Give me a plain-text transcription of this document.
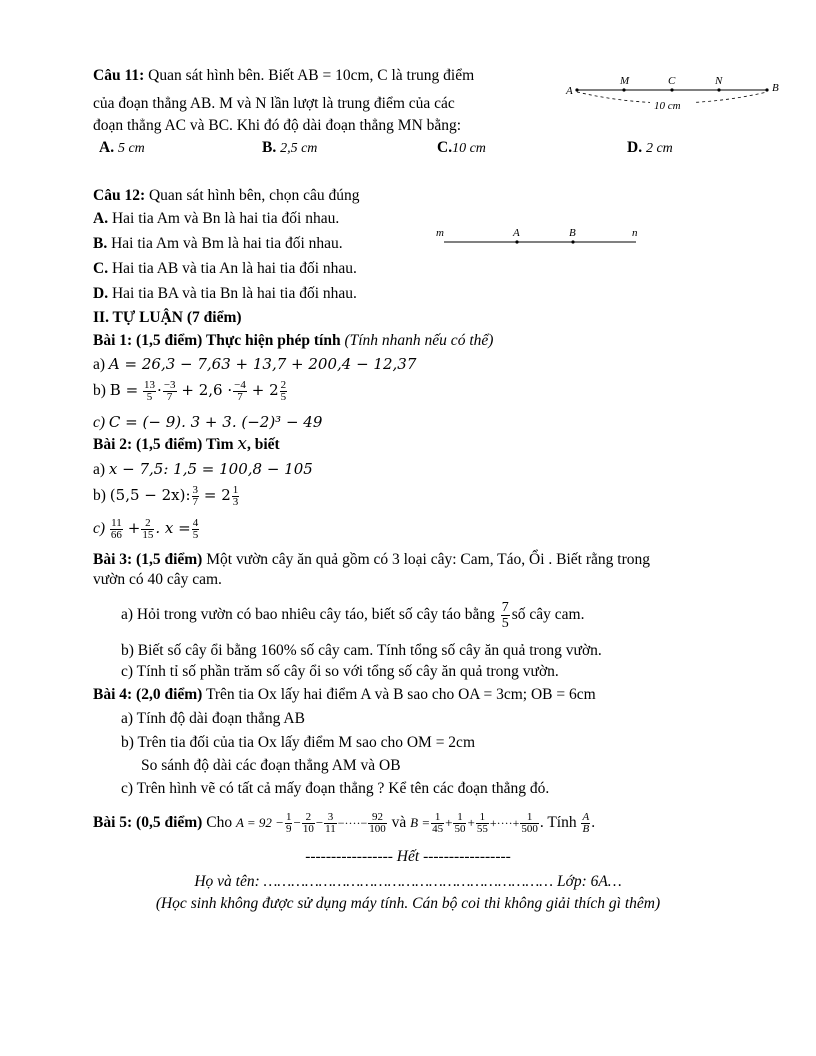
Câu 11: Quan sát hình bên. Biết AB = 10cm, C là trung điểm
của đoạn thẳng AB. M và N lần lượt là trung điểm của các
đoạn thẳng AC và BC. Khi đó độ dài đoạn thẳng MN bằng:
A
M	C	N
B
10 cm
A. 5 cm	B. 2,5 cm	C.10 cm	D. 2 cm
Câu 12: Quan sát hình bên, chọn câu đúng
A. Hai tia Am và Bn là hai tia đối nhau.
B. Hai tia Am và Bm là hai tia đối nhau.
C. Hai tia AB và tia An là hai tia đối nhau.
D. Hai tia BA và tia Bn là hai tia đối nhau.
m	A	B	n
II. TỰ LUẬN (7 điểm)
Bài 1: (1,5 điểm) Thực hiện phép tính (Tính nhanh nếu có thể)
a) A = 26,3 − 7,63 + 13,7 + 200,4 − 12,37
b) $B = \frac{13}{5} \cdot \frac{-3}{7} + 2,6 \cdot \frac{-4}{7} + 2 \frac{2}{5}$
c) C = (− 9). 3 + 3. (−2)³ − 49
Bài 2: (1,5 điểm) Tìm x, biết
a) x − 7,5: 1,5 = 100,8 − 105
b) (5,5 − 2x): $\frac{3}{7} = 2 \frac{1}{3}$
$c) \frac{11}{66} + \frac{2}{15}$ . $x = \frac{4}{5}$
Bài 3: (1,5 điểm) Một vườn cây ăn quả gồm có 3 loại cây: Cam, Táo, Ổi . Biết rằng trong
vườn có 40 cây cam.
a) Hỏi trong vườn có bao nhiêu cây táo, biết số cây táo bằng $\frac{7}{5}$ số cây cam.
b) Biết số cây ổi bằng 160% số cây cam. Tính tổng số cây ăn quả trong vườn.
c) Tính tỉ số phần trăm số cây ổi so với tổng số cây ăn quả trong vườn.
Bài 4: (2,0 điểm) Trên tia Ox lấy hai điểm A và B sao cho OA = 3cm; OB = 6cm
a) Tính độ dài đoạn thẳng AB
b) Trên tia đối của tia Ox lấy điểm M sao cho OM = 2cm
So sánh độ dài các đoạn thẳng AM và OB
c) Trên hình vẽ có tất cả mấy đoạn thẳng ? Kể tên các đoạn thẳng đó.
Bài 5: (0,5 điểm) Cho $A = 92 - \frac{1}{9} - \frac{2}{10} - \frac{3}{11}$ −····− $\frac{92}{100}$ và $B = \frac{1}{45} + \frac{1}{50} + \frac{1}{55}$ +····+ $\frac{1}{500}$ . Tính $\frac{A}{B}$ .
----------------- Hết -----------------
Họ và tên: ……………………………………………………… Lớp: 6A…
(Học sinh không được sử dụng máy tính. Cán bộ coi thi không giải thích gì thêm)
